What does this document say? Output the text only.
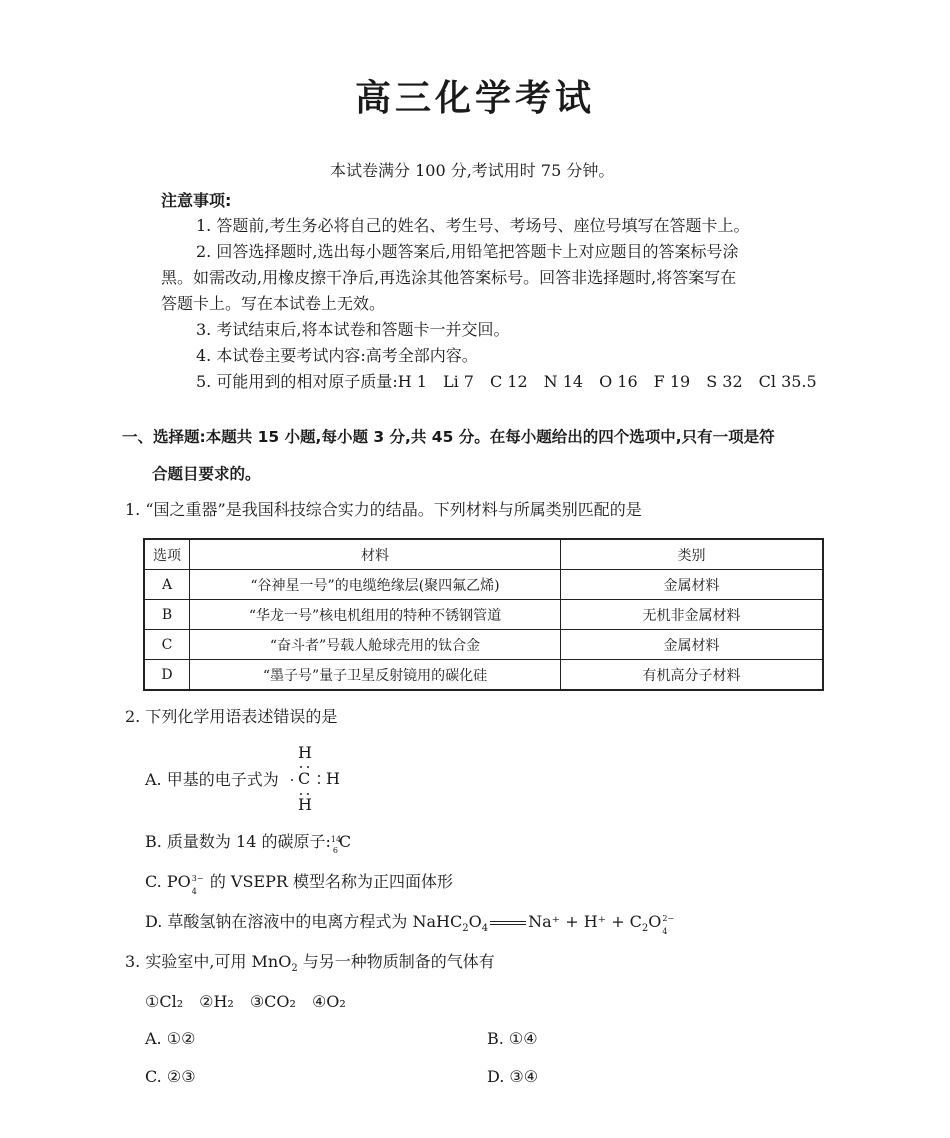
高三化学考试
本试卷满分 100 分,考试用时 75 分钟。
注意事项:
1. 答题前,考生务必将自己的姓名、考生号、考场号、座位号填写在答题卡上。
2. 回答选择题时,选出每小题答案后,用铅笔把答题卡上对应题目的答案标号涂
黑。如需改动,用橡皮擦干净后,再选涂其他答案标号。回答非选择题时,将答案写在
答题卡上。写在本试卷上无效。
3. 考试结束后,将本试卷和答题卡一并交回。
4. 本试卷主要考试内容:高考全部内容。
5. 可能用到的相对原子质量:H 1　Li 7　C 12　N 14　O 16　F 19　S 32　Cl 35.5
一、选择题:本题共 15 小题,每小题 3 分,共 45 分。在每小题给出的四个选项中,只有一项是符
合题目要求的。
1. “国之重器”是我国科技综合实力的结晶。下列材料与所属类别匹配的是
选项	材料	类别
A	“谷神星一号”的电缆绝缘层(聚四氟乙烯)	金属材料
B	“华龙一号”核电机组用的特种不锈钢管道	无机非金属材料
C	“奋斗者”号载人舱球壳用的钛合金	金属材料
D	“墨子号”量子卫星反射镜用的碳化硅	有机高分子材料
2. 下列化学用语表述错误的是
A. 甲基的电子式为
H
C H
H
B. 质量数为 14 的碳原子: 14
6 C
C. PO 3−
4
的 VSEPR 模型名称为正四面体形
D. 草酸氢钠在溶液中的电离方程式为 $NaHC_2O_4$	$Na^+ + H^+ + C_2O$ 2−
4
3. 实验室中,可用 MnO$_2$ 与另一种物质制备的气体有
①Cl₂　②H₂　③CO₂　④O₂
A. ①②	B. ①④
C. ②③	D. ③④
